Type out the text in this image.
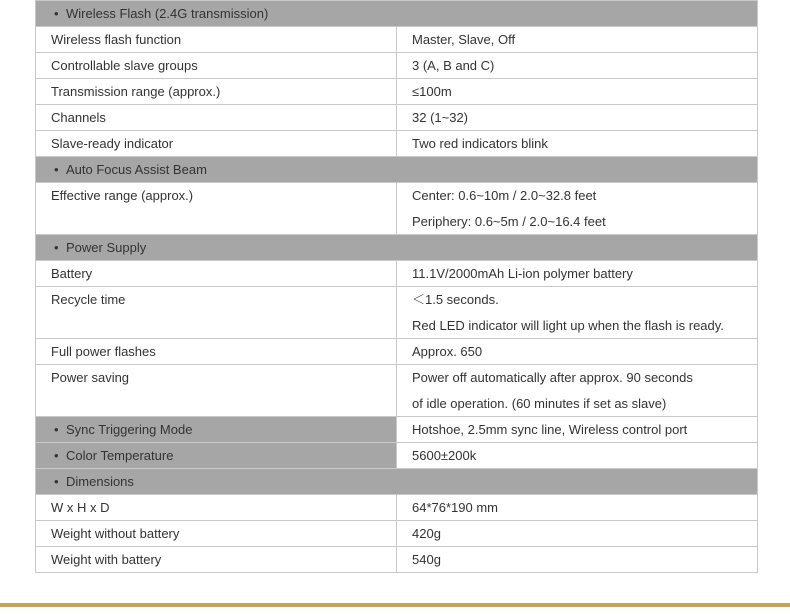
• Wireless Flash (2.4G transmission)	
Wireless flash function	Master, Slave, Off

Controllable slave groups	3 (A, B and C)

Transmission range (approx.)	≤100m

Channels	32 (1~32)

Slave-ready indicator	Two red indicators blink

• Auto Focus Assist Beam	
Effective range (approx.)	Center: 0.6~10m / 2.0~32.8 feet
Periphery: 0.6~5m / 2.0~16.4 feet

• Power Supply	
Battery	11.1V/2000mAh Li-ion polymer battery

Recycle time	＜1.5 seconds.
Red LED indicator will light up when the flash is ready.

Full power flashes	Approx. 650

Power saving	Power off automatically after approx. 90 seconds
of idle operation. (60 minutes if set as slave)

• Sync Triggering Mode	Hotshoe, 2.5mm sync line, Wireless control port

• Color Temperature	5600±200k

• Dimensions	
W x H x D	64*76*190 mm

Weight without battery	420g

Weight with battery	540g
